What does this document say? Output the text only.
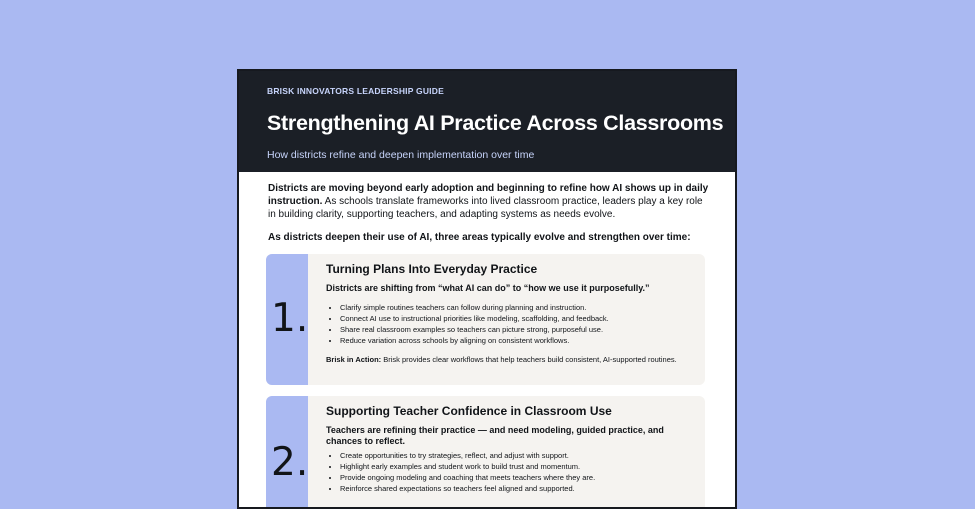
BRISK INNOVATORS LEADERSHIP GUIDE
Strengthening AI Practice Across Classrooms
How districts refine and deepen implementation over time
Districts are moving beyond early adoption and beginning to refine how AI shows up in daily instruction. As schools translate frameworks into lived classroom practice, leaders play a key role in building clarity, supporting teachers, and adapting systems as needs evolve.
As districts deepen their use of AI, three areas typically evolve and strengthen over time:
1.
Turning Plans Into Everyday Practice
Districts are shifting from “what AI can do” to “how we use it purposefully.”
• Clarify simple routines teachers can follow during planning and instruction.
• Connect AI use to instructional priorities like modeling, scaffolding, and feedback.
• Share real classroom examples so teachers can picture strong, purposeful use.
• Reduce variation across schools by aligning on consistent workflows.
Brisk in Action: Brisk provides clear workflows that help teachers build consistent, AI-supported routines.
2.
Supporting Teacher Confidence in Classroom Use
Teachers are refining their practice — and need modeling, guided practice, and chances to reflect.
• Create opportunities to try strategies, reflect, and adjust with support.
• Highlight early examples and student work to build trust and momentum.
• Provide ongoing modeling and coaching that meets teachers where they are.
• Reinforce shared expectations so teachers feel aligned and supported.
